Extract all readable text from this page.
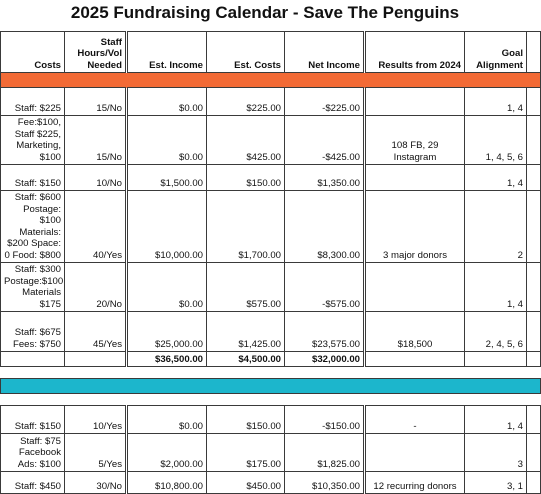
2025 Fundraising Calendar - Save The Penguins
Costs	Staff Hours/Vol Needed	Est. Income	Est. Costs	Net Income	Results from 2024	Goal Alignment	

Staff: $225	15/No	$0.00	$225.00	-$225.00		1, 4	
Fee:$100, Staff $225, Marketing, $100	15/No	$0.00	$425.00	-$425.00	108 FB, 29 Instagram	1, 4, 5, 6	
Staff: $150	10/No	$1,500.00	$150.00	$1,350.00		1, 4	
Staff: $600 Postage: $100 Materials: $200 Space: 0 Food: $800	40/Yes	$10,000.00	$1,700.00	$8,300.00	3 major donors	2	
Staff: $300 Postage:$100 Materials $175	20/No	$0.00	$575.00	-$575.00		1, 4	
Staff: $675 Fees: $750	45/Yes	$25,000.00	$1,425.00	$23,575.00	$18,500	2, 4, 5, 6	
		$36,500.00	$4,500.00	$32,000.00			

Staff: $150	10/Yes	$0.00	$150.00	-$150.00	-	1, 4	
Staff: $75 Facebook Ads: $100	5/Yes	$2,000.00	$175.00	$1,825.00		3	
Staff: $450	30/No	$10,800.00	$450.00	$10,350.00	12 recurring donors	3, 1	
